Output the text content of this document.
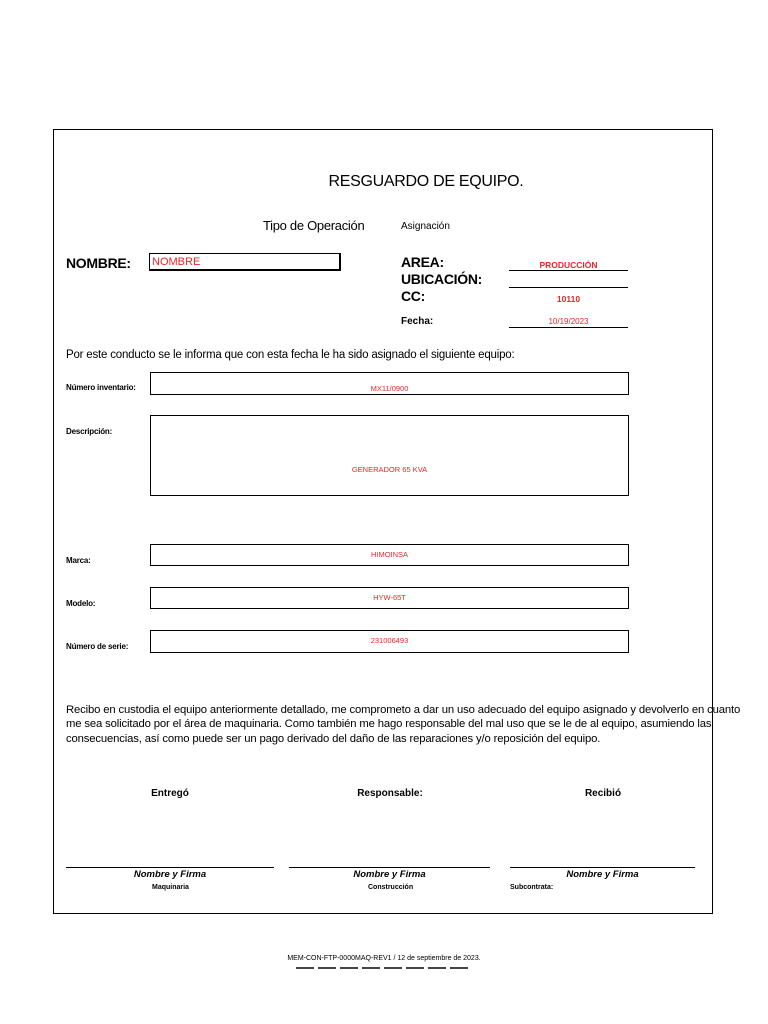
RESGUARDO DE EQUIPO.
Tipo de Operación	Asignación
NOMBRE: NOMBRE	AREA:	PRODUCCIÓN
UBICACIÓN:
CC:	10110
Fecha:	10/19/2023
Por este conducto se le informa que con esta fecha le ha sido asignado el siguiente equipo:
Número inventario:	MX11/0900
Descripción:
GENERADOR 65 KVA
Marca:
HIMOINSA
Modelo:
HYW-65T
Número de serie:
231006493
Recibo en custodia el equipo anteriormente detallado, me comprometo a dar un uso adecuado del equipo asignado y devolverlo en cuanto
me sea solicitado por el área de maquinaria. Como también me hago responsable del mal uso que se le de al equipo, asumiendo las
consecuencias, así como puede ser un pago derivado del daño de las reparaciones y/o reposición del equipo.
Entregó	Responsable:	Recibió
Nombre y Firma	Nombre y Firma	Nombre y Firma
Maquinaria	Construcción	Subcontrata:
MEM-CON-FTP-0000MAQ-REV1 / 12 de septiembre de 2023.
